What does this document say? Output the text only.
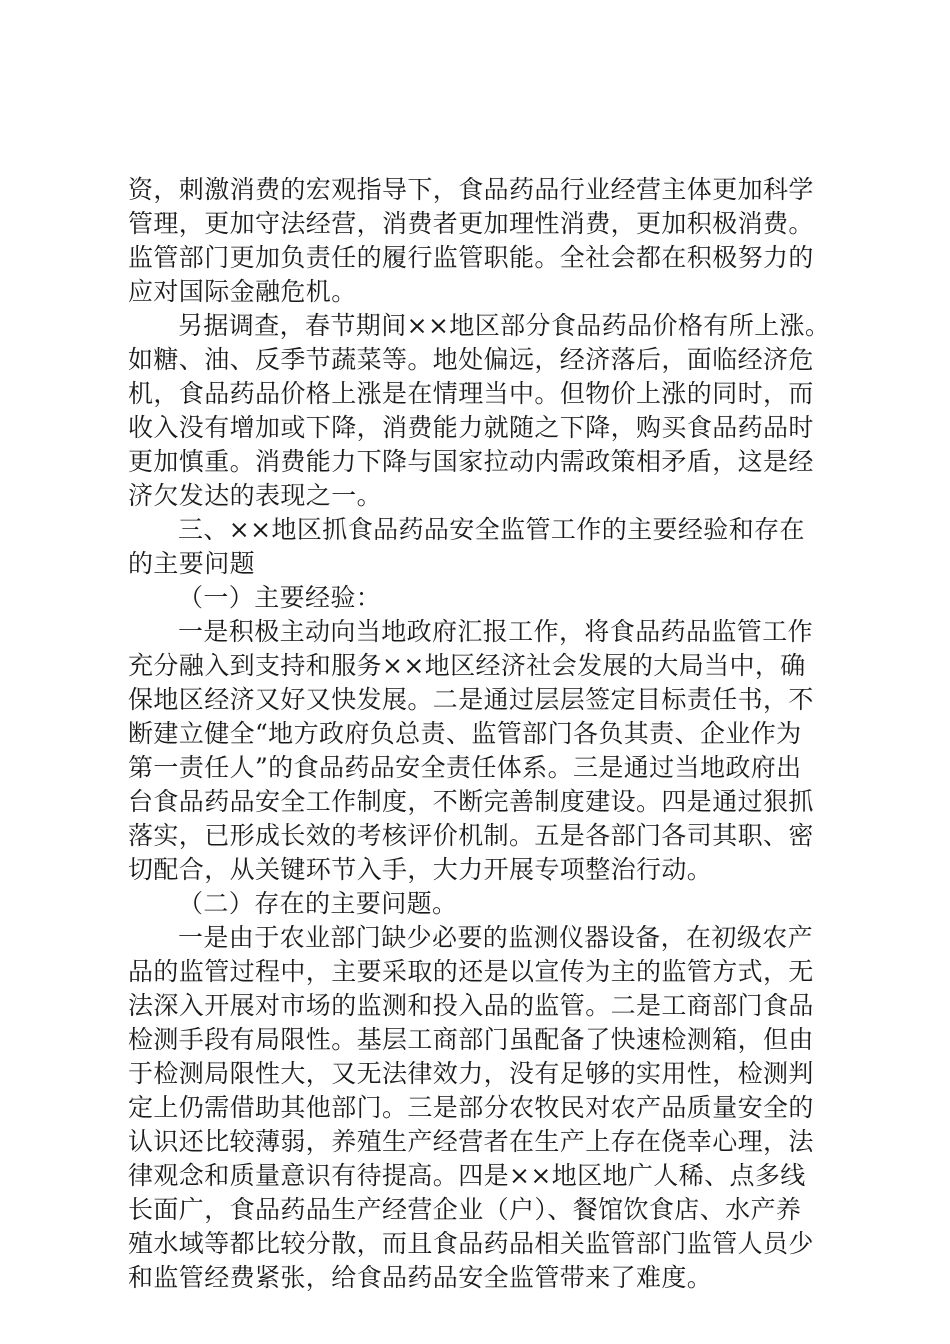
资，刺激消费的宏观指导下，食品药品行业经营主体更加科学
管理，更加守法经营，消费者更加理性消费，更加积极消费。
监管部门更加负责任的履行监管职能。全社会都在积极努力的
应对国际金融危机。
另据调查，春节期间××地区部分食品药品价格有所上涨。
如糖、油、反季节蔬菜等。地处偏远，经济落后，面临经济危
机，食品药品价格上涨是在情理当中。但物价上涨的同时，而
收入没有增加或下降，消费能力就随之下降，购买食品药品时
更加慎重。消费能力下降与国家拉动内需政策相矛盾，这是经
济欠发达的表现之一。
三、××地区抓食品药品安全监管工作的主要经验和存在
的主要问题
（一）主要经验：
一是积极主动向当地政府汇报工作，将食品药品监管工作
充分融入到支持和服务××地区经济社会发展的大局当中，确
保地区经济又好又快发展。二是通过层层签定目标责任书，不
断建立健全“地方政府负总责、监管部门各负其责、企业作为
第一责任人”的食品药品安全责任体系。三是通过当地政府出
台食品药品安全工作制度，不断完善制度建设。四是通过狠抓
落实，已形成长效的考核评价机制。五是各部门各司其职、密
切配合，从关键环节入手，大力开展专项整治行动。
（二）存在的主要问题。
一是由于农业部门缺少必要的监测仪器设备，在初级农产
品的监管过程中，主要采取的还是以宣传为主的监管方式，无
法深入开展对市场的监测和投入品的监管。二是工商部门食品
检测手段有局限性。基层工商部门虽配备了快速检测箱，但由
于检测局限性大，又无法律效力，没有足够的实用性，检测判
定上仍需借助其他部门。三是部分农牧民对农产品质量安全的
认识还比较薄弱，养殖生产经营者在生产上存在侥幸心理，法
律观念和质量意识有待提高。四是××地区地广人稀、点多线
长面广，食品药品生产经营企业（户）、餐馆饮食店、水产养
殖水域等都比较分散，而且食品药品相关监管部门监管人员少
和监管经费紧张，给食品药品安全监管带来了难度。
